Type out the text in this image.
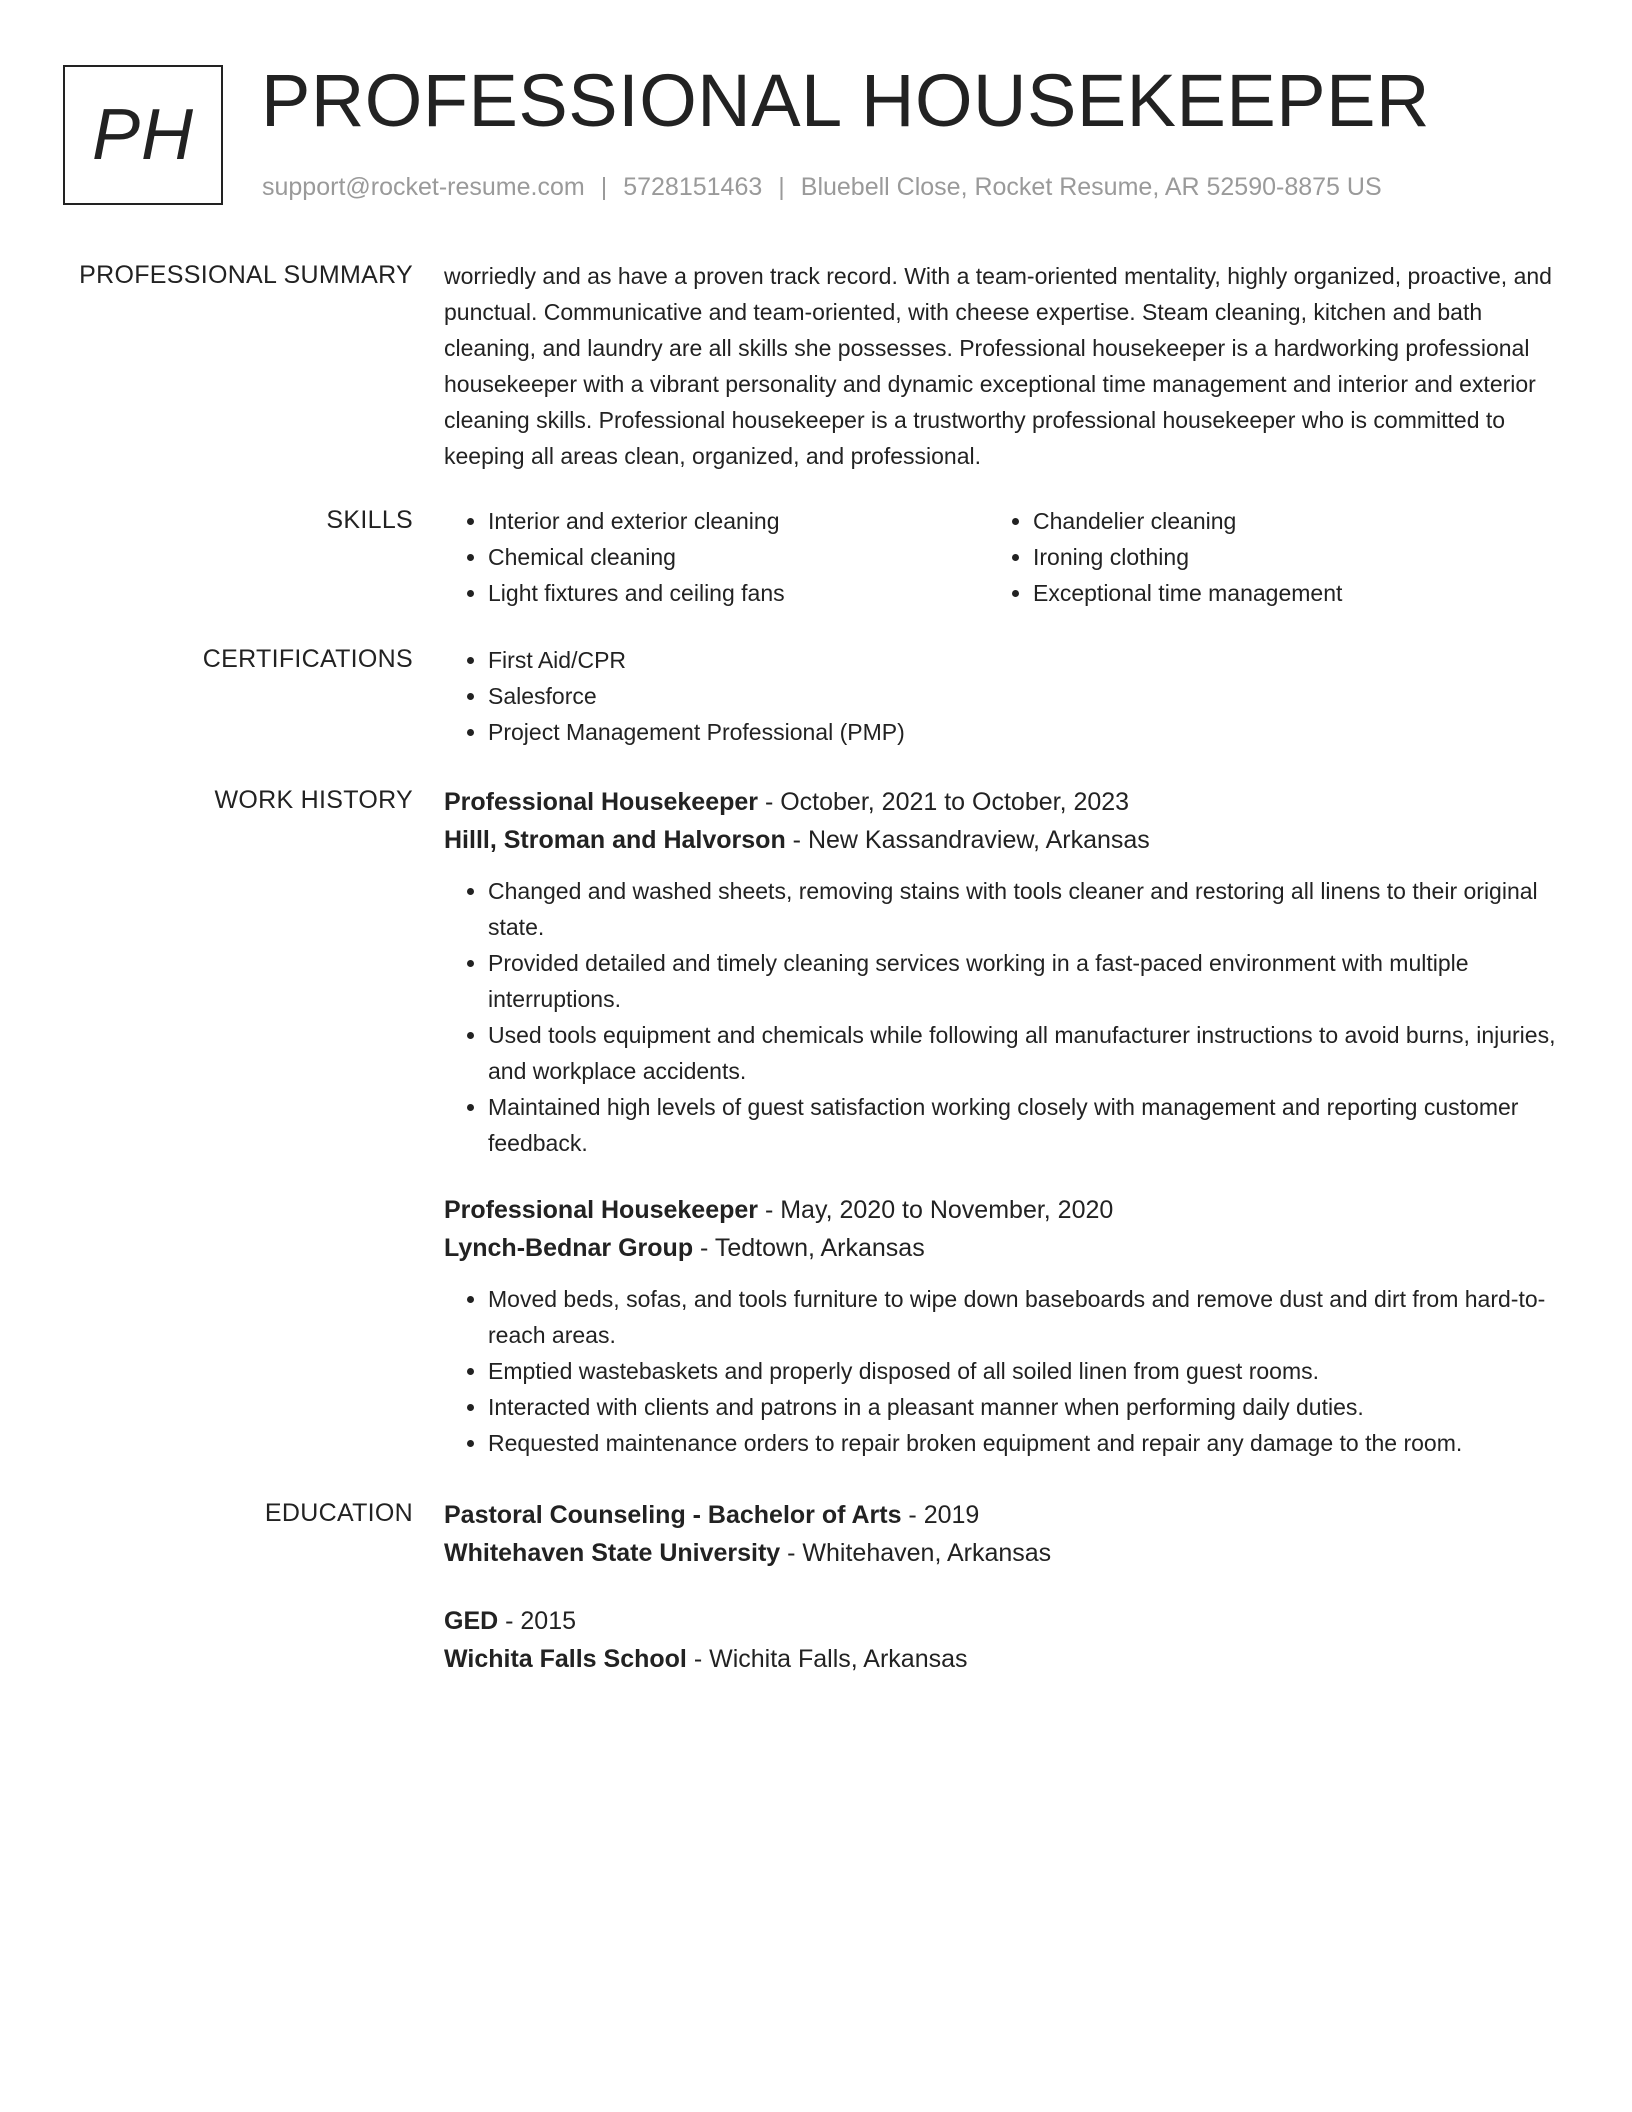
PH PROFESSIONAL HOUSEKEEPER
support@rocket-resume.com | 5728151463 | Bluebell Close, Rocket Resume, AR 52590-8875 US
PROFESSIONAL SUMMARY worriedly and as have a proven track record. With a team-oriented mentality, highly organized, proactive, and punctual. Communicative and team-oriented, with cheese expertise. Steam cleaning, kitchen and bath cleaning, and laundry are all skills she possesses. Professional housekeeper is a hardworking professional housekeeper with a vibrant personality and dynamic exceptional time management and interior and exterior cleaning skills. Professional housekeeper is a trustworthy professional housekeeper who is committed to keeping all areas clean, organized, and professional.
SKILLS	• Interior and exterior cleaning
• Chemical cleaning
• Light fixtures and ceiling fans
• Chandelier cleaning
• Ironing clothing
• Exceptional time management
CERTIFICATIONS	• First Aid/CPR
• Salesforce
• Project Management Professional (PMP)
WORK HISTORY Professional Housekeeper - October, 2021 to October, 2023
Hilll, Stroman and Halvorson - New Kassandraview, Arkansas
• Changed and washed sheets, removing stains with tools cleaner and restoring all linens to their original state.
• Provided detailed and timely cleaning services working in a fast-paced environment with multiple interruptions.
• Used tools equipment and chemicals while following all manufacturer instructions to avoid burns, injuries, and workplace accidents.
• Maintained high levels of guest satisfaction working closely with management and reporting customer feedback.
Professional Housekeeper - May, 2020 to November, 2020
Lynch-Bednar Group - Tedtown, Arkansas
• Moved beds, sofas, and tools furniture to wipe down baseboards and remove dust and dirt from hard-to-reach areas.
• Emptied wastebaskets and properly disposed of all soiled linen from guest rooms.
• Interacted with clients and patrons in a pleasant manner when performing daily duties.
• Requested maintenance orders to repair broken equipment and repair any damage to the room.
EDUCATION Pastoral Counseling - Bachelor of Arts - 2019
Whitehaven State University - Whitehaven, Arkansas
GED - 2015
Wichita Falls School - Wichita Falls, Arkansas
